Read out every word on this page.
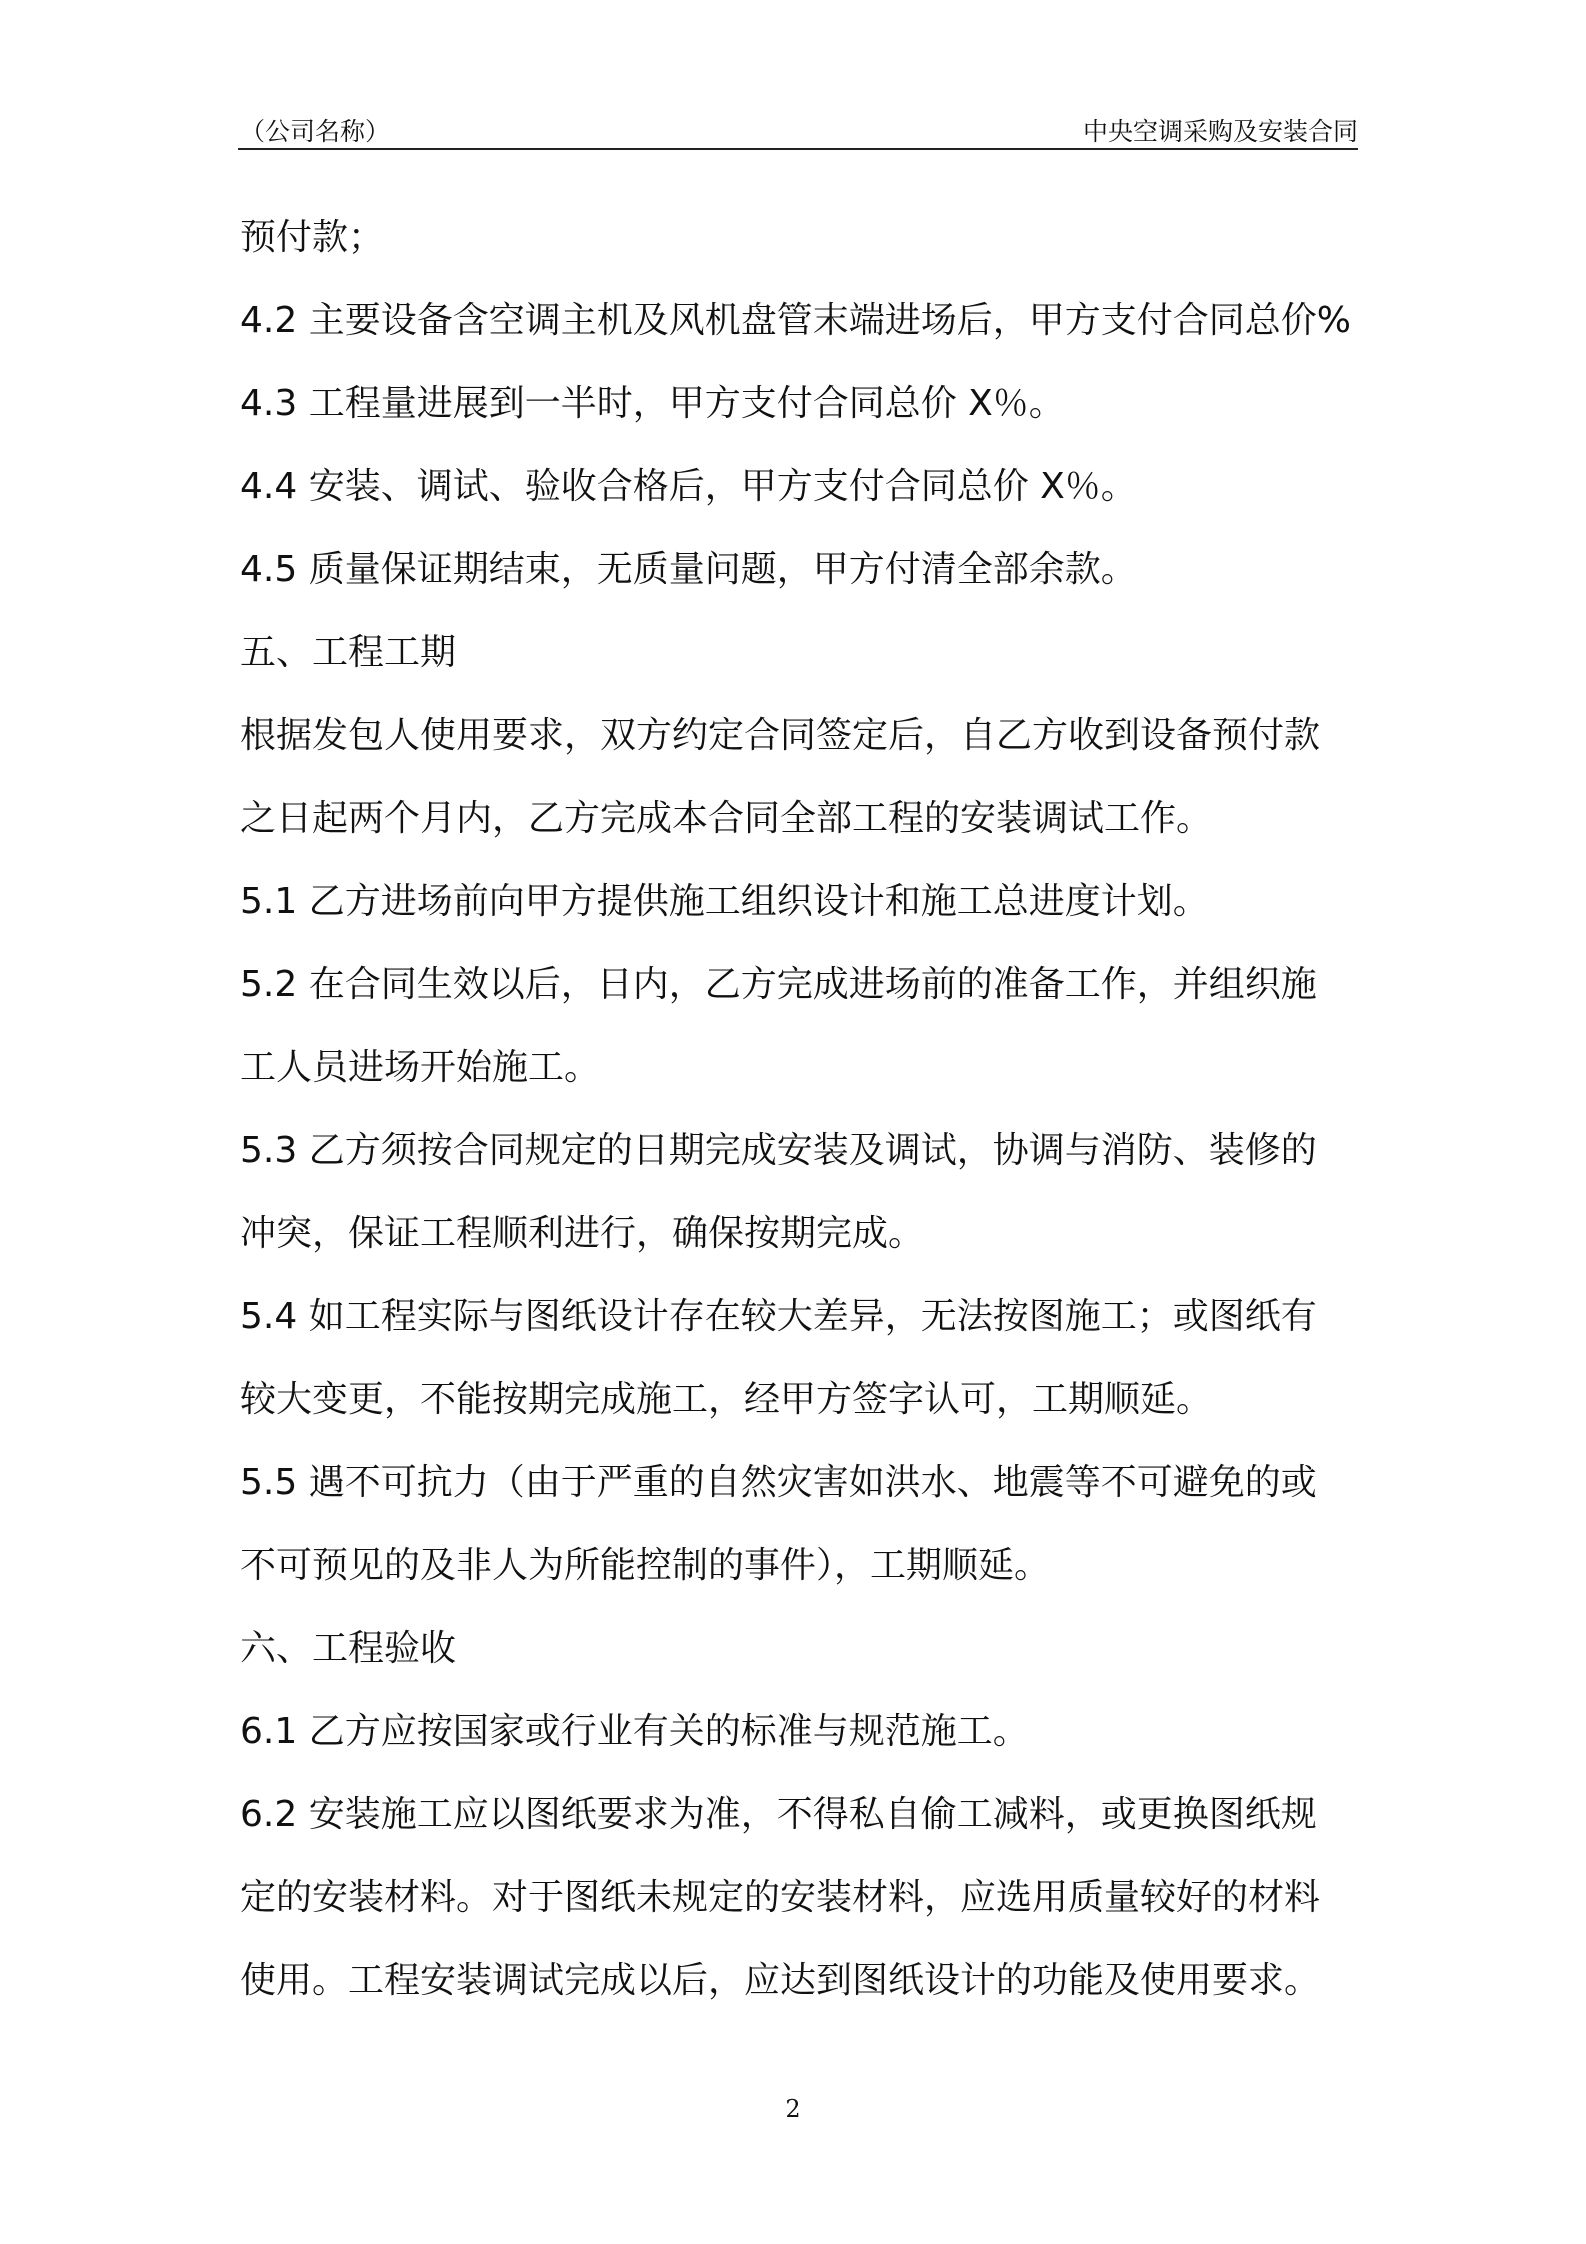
（公司名称）	中央空调采购及安装合同

预付款；

4.2 主要设备含空调主机及风机盘管末端进场后，甲方支付合同总价%

4.3 工程量进展到一半时，甲方支付合同总价 X％。

4.4 安装、调试、验收合格后，甲方支付合同总价 X％。

4.5 质量保证期结束，无质量问题，甲方付清全部余款。

五、工程工期

根据发包人使用要求，双方约定合同签定后，自乙方收到设备预付款

之日起两个月内，乙方完成本合同全部工程的安装调试工作。

5.1 乙方进场前向甲方提供施工组织设计和施工总进度计划。

5.2 在合同生效以后，日内，乙方完成进场前的准备工作，并组织施

工人员进场开始施工。

5.3 乙方须按合同规定的日期完成安装及调试，协调与消防、装修的

冲突，保证工程顺利进行，确保按期完成。

5.4 如工程实际与图纸设计存在较大差异，无法按图施工；或图纸有

较大变更，不能按期完成施工，经甲方签字认可，工期顺延。

5.5 遇不可抗力（由于严重的自然灾害如洪水、地震等不可避免的或

不可预见的及非人为所能控制的事件），工期顺延。

六、工程验收

6.1 乙方应按国家或行业有关的标准与规范施工。

6.2 安装施工应以图纸要求为准，不得私自偷工减料，或更换图纸规

定的安装材料。对于图纸未规定的安装材料，应选用质量较好的材料

使用。工程安装调试完成以后，应达到图纸设计的功能及使用要求。

2
